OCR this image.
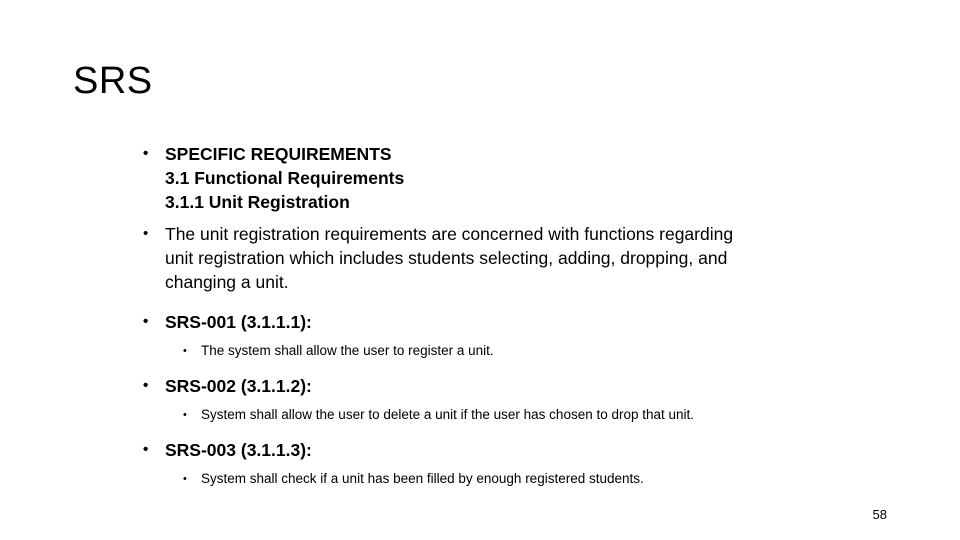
SRS
• SPECIFIC REQUIREMENTS
3.1 Functional Requirements
3.1.1 Unit Registration
• The unit registration requirements are concerned with functions regarding
unit registration which includes students selecting, adding, dropping, and
changing a unit.
• SRS-001 (3.1.1.1):
• The system shall allow the user to register a unit.
• SRS-002 (3.1.1.2):
• System shall allow the user to delete a unit if the user has chosen to drop that unit.
• SRS-003 (3.1.1.3):
• System shall check if a unit has been filled by enough registered students.
58
